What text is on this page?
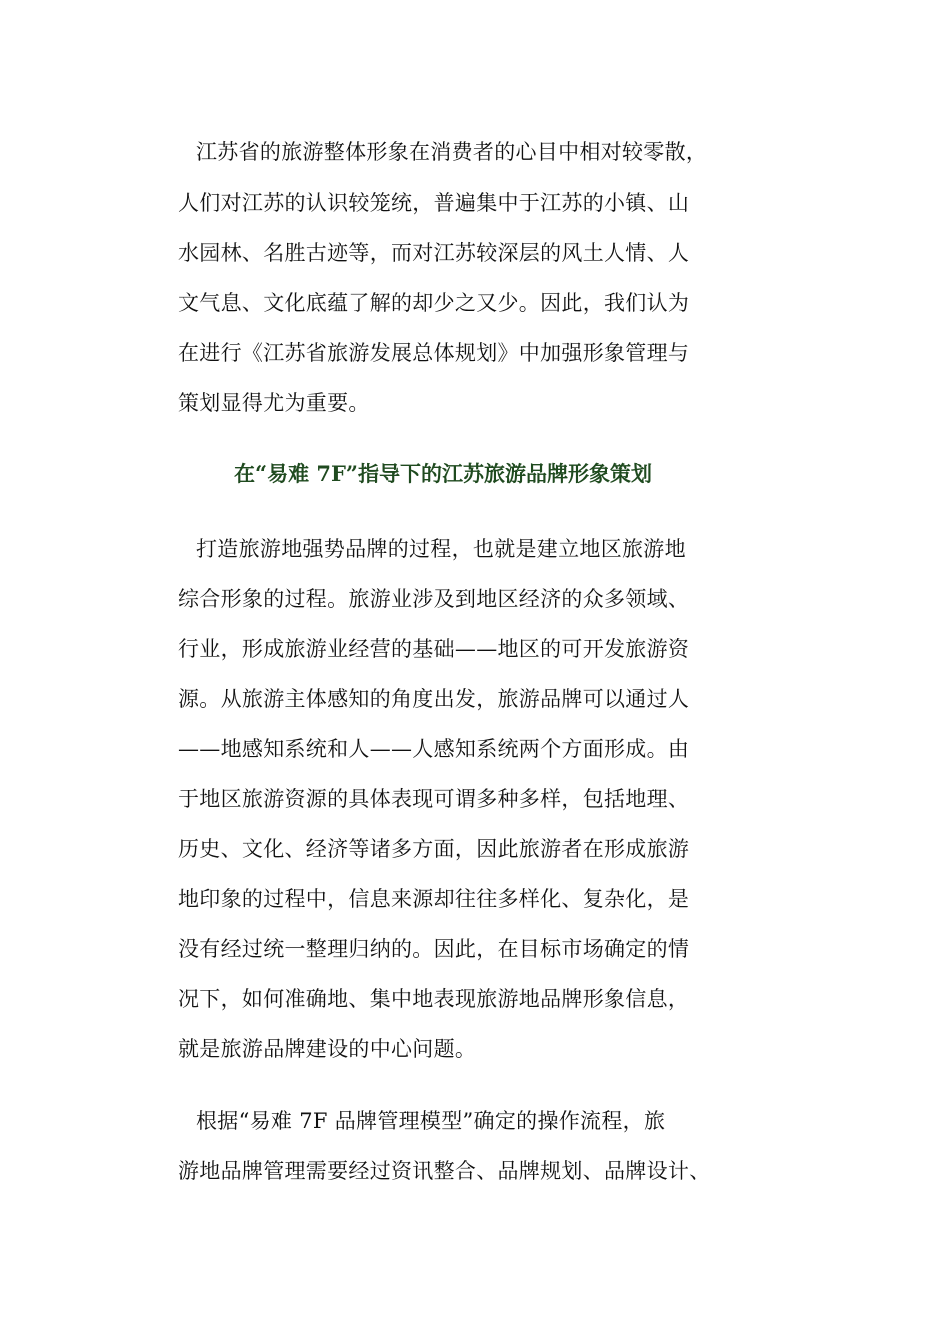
江苏省的旅游整体形象在消费者的心目中相对较零散，
人们对江苏的认识较笼统，普遍集中于江苏的小镇、山
水园林、名胜古迹等，而对江苏较深层的风土人情、人
文气息、文化底蕴了解的却少之又少。因此，我们认为
在进行《江苏省旅游发展总体规划》中加强形象管理与
策划显得尤为重要。
在“易难 7F”指导下的江苏旅游品牌形象策划
打造旅游地强势品牌的过程，也就是建立地区旅游地
综合形象的过程。旅游业涉及到地区经济的众多领域、
行业，形成旅游业经营的基础——地区的可开发旅游资
源。从旅游主体感知的角度出发，旅游品牌可以通过人
——地感知系统和人——人感知系统两个方面形成。由
于地区旅游资源的具体表现可谓多种多样，包括地理、
历史、文化、经济等诸多方面，因此旅游者在形成旅游
地印象的过程中，信息来源却往往多样化、复杂化，是
没有经过统一整理归纳的。因此，在目标市场确定的情
况下，如何准确地、集中地表现旅游地品牌形象信息，
就是旅游品牌建设的中心问题。
根据“易难 7F 品牌管理模型”确定的操作流程，旅
游地品牌管理需要经过资讯整合、品牌规划、品牌设计、
